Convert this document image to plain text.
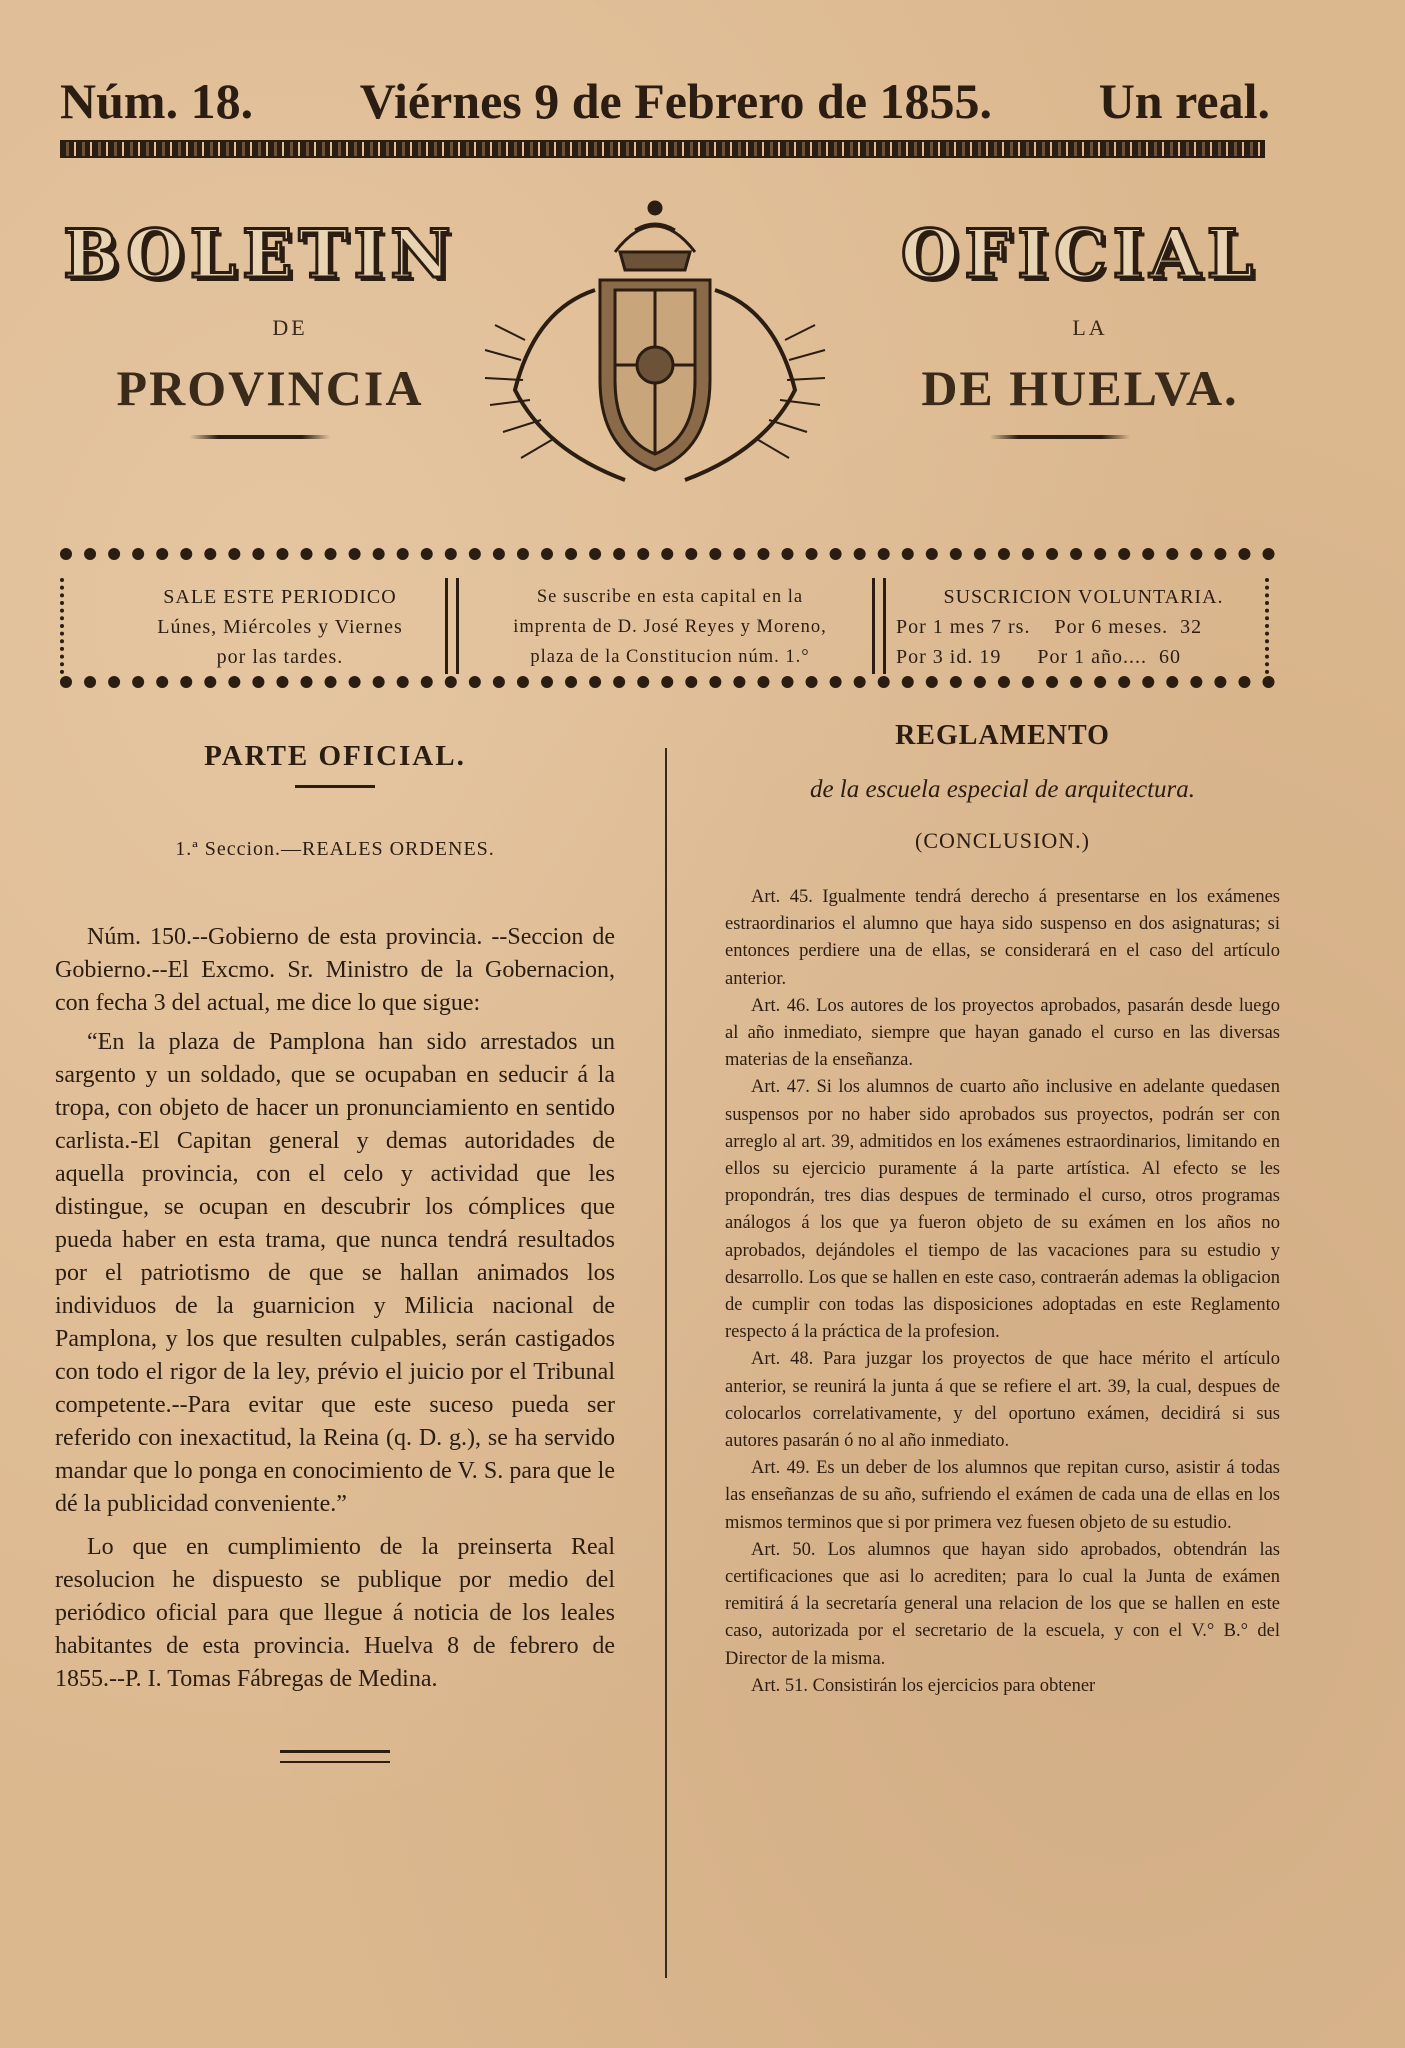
Núm. 18. Viérnes 9 de Febrero de 1855. Un real.
BOLETIN
DE
PROVINCIA
OFICIAL
LA
DE HUELVA.
SALE ESTE PERIODICO
Lúnes, Miércoles y Viernes
por las tardes.
Se suscribe en esta capital en la
imprenta de D. José Reyes y Moreno,
plaza de la Constitucion núm. 1.°
SUSCRICION VOLUNTARIA.
Por 1 mes 7 rs.    Por 6 meses.  32
Por 3 id. 19      Por 1 año....  60
PARTE OFICIAL.
1.ª Seccion.—REALES ORDENES.

Núm. 150.--Gobierno de esta provincia. --Seccion de Gobierno.--El Excmo. Sr. Ministro de la Gobernacion, con fecha 3 del actual, me dice lo que sigue:

“En la plaza de Pamplona han sido arrestados un sargento y un soldado, que se ocupaban en seducir á la tropa, con objeto de hacer un pronunciamiento en sentido carlista.-El Capitan general y demas autoridades de aquella provincia, con el celo y actividad que les distingue, se ocupan en descubrir los cómplices que pueda haber en esta trama, que nunca tendrá resultados por el patriotismo de que se hallan animados los individuos de la guarnicion y Milicia nacional de Pamplona, y los que resulten culpables, serán castigados con todo el rigor de la ley, prévio el juicio por el Tribunal competente.--Para evitar que este suceso pueda ser referido con inexactitud, la Reina (q. D. g.), se ha servido mandar que lo ponga en conocimiento de V. S. para que le dé la publicidad conveniente.”

Lo que en cumplimiento de la preinserta Real resolucion he dispuesto se publique por medio del periódico oficial para que llegue á noticia de los leales habitantes de esta provincia. Huelva 8 de febrero de 1855.--P. I. Tomas Fábregas de Medina.

REGLAMENTO
de la escuela especial de arquitectura.
(CONCLUSION.)

Art. 45. Igualmente tendrá derecho á presentarse en los exámenes estraordinarios el alumno que haya sido suspenso en dos asignaturas; si entonces perdiere una de ellas, se considerará en el caso del artículo anterior.

Art. 46. Los autores de los proyectos aprobados, pasarán desde luego al año inmediato, siempre que hayan ganado el curso en las diversas materias de la enseñanza.

Art. 47. Si los alumnos de cuarto año inclusive en adelante quedasen suspensos por no haber sido aprobados sus proyectos, podrán ser con arreglo al art. 39, admitidos en los exámenes estraordinarios, limitando en ellos su ejercicio puramente á la parte artística. Al efecto se les propondrán, tres dias despues de terminado el curso, otros programas análogos á los que ya fueron objeto de su exámen en los años no aprobados, dejándoles el tiempo de las vacaciones para su estudio y desarrollo. Los que se hallen en este caso, contraerán ademas la obligacion de cumplir con todas las disposiciones adoptadas en este Reglamento respecto á la práctica de la profesion.

Art. 48. Para juzgar los proyectos de que hace mérito el artículo anterior, se reunirá la junta á que se refiere el art. 39, la cual, despues de colocarlos correlativamente, y del oportuno exámen, decidirá si sus autores pasarán ó no al año inmediato.

Art. 49. Es un deber de los alumnos que repitan curso, asistir á todas las enseñanzas de su año, sufriendo el exámen de cada una de ellas en los mismos terminos que si por primera vez fuesen objeto de su estudio.

Art. 50. Los alumnos que hayan sido aprobados, obtendrán las certificaciones que asi lo acrediten; para lo cual la Junta de exámen remitirá á la secretaría general una relacion de los que se hallen en este caso, autorizada por el secretario de la escuela, y con el V.° B.° del Director de la misma.

Art. 51. Consistirán los ejercicios para obtener
